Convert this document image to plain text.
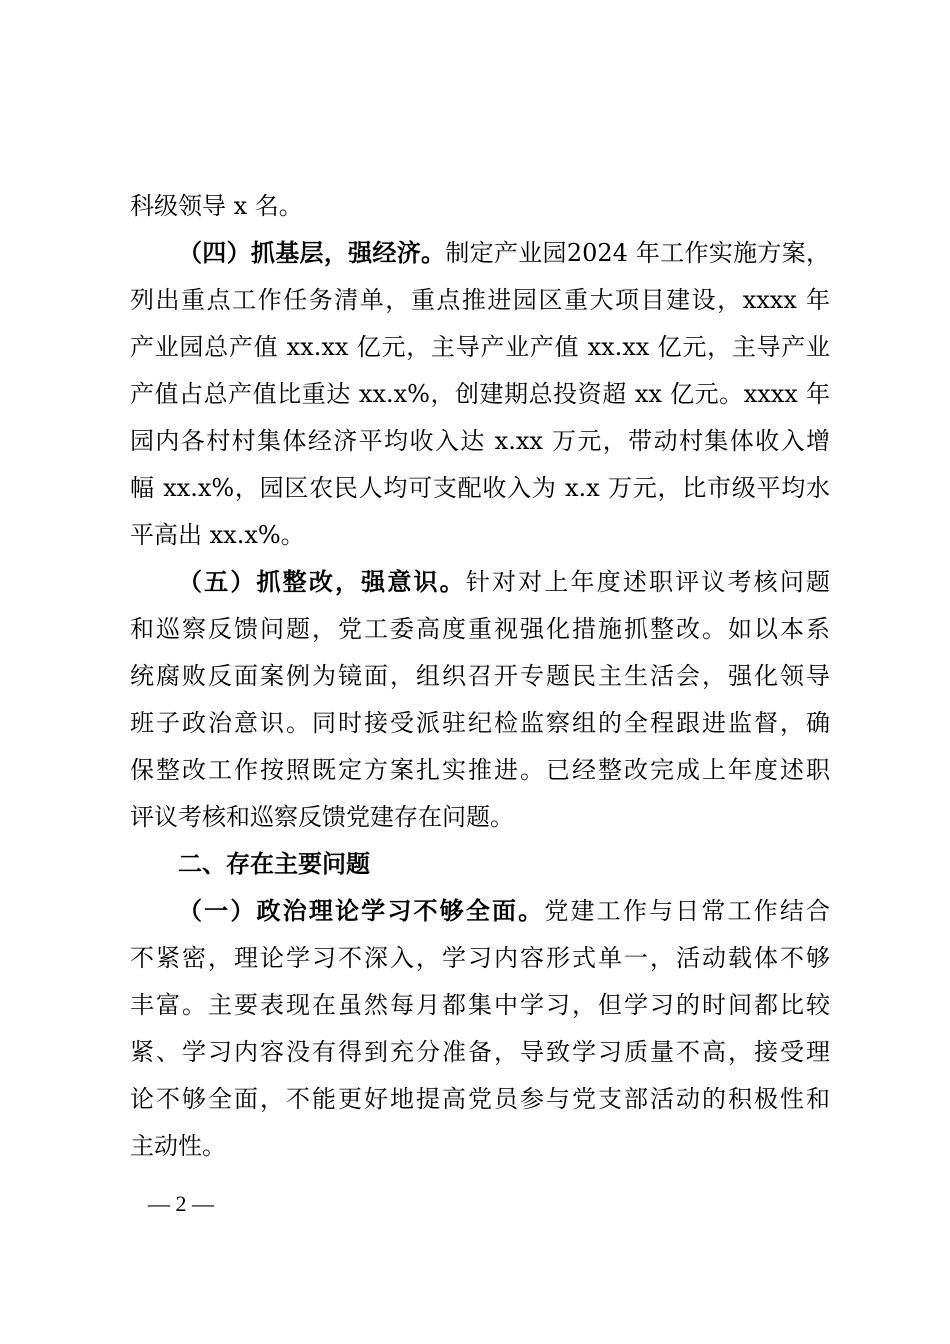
科级领导 x 名。
（四）抓基层，强经济。制定产业园2024 年工作实施方案，
列出重点工作任务清单，重点推进园区重大项目建设，xxxx 年
产业园总产值 xx.xx 亿元，主导产业产值 xx.xx 亿元，主导产业
产值占总产值比重达 xx.x%，创建期总投资超 xx 亿元。xxxx 年
园内各村村集体经济平均收入达 x.xx 万元，带动村集体收入增
幅 xx.x%，园区农民人均可支配收入为 x.x 万元，比市级平均水
平高出 xx.x%。
（五）抓整改，强意识。针对对上年度述职评议考核问题
和巡察反馈问题，党工委高度重视强化措施抓整改。如以本系
统腐败反面案例为镜面，组织召开专题民主生活会，强化领导
班子政治意识。同时接受派驻纪检监察组的全程跟进监督，确
保整改工作按照既定方案扎实推进。已经整改完成上年度述职
评议考核和巡察反馈党建存在问题。
二、存在主要问题
（一）政治理论学习不够全面。党建工作与日常工作结合
不紧密，理论学习不深入，学习内容形式单一，活动载体不够
丰富。主要表现在虽然每月都集中学习，但学习的时间都比较
紧、学习内容没有得到充分准备，导致学习质量不高，接受理
论不够全面，不能更好地提高党员参与党支部活动的积极性和
主动性。
— 2 —
